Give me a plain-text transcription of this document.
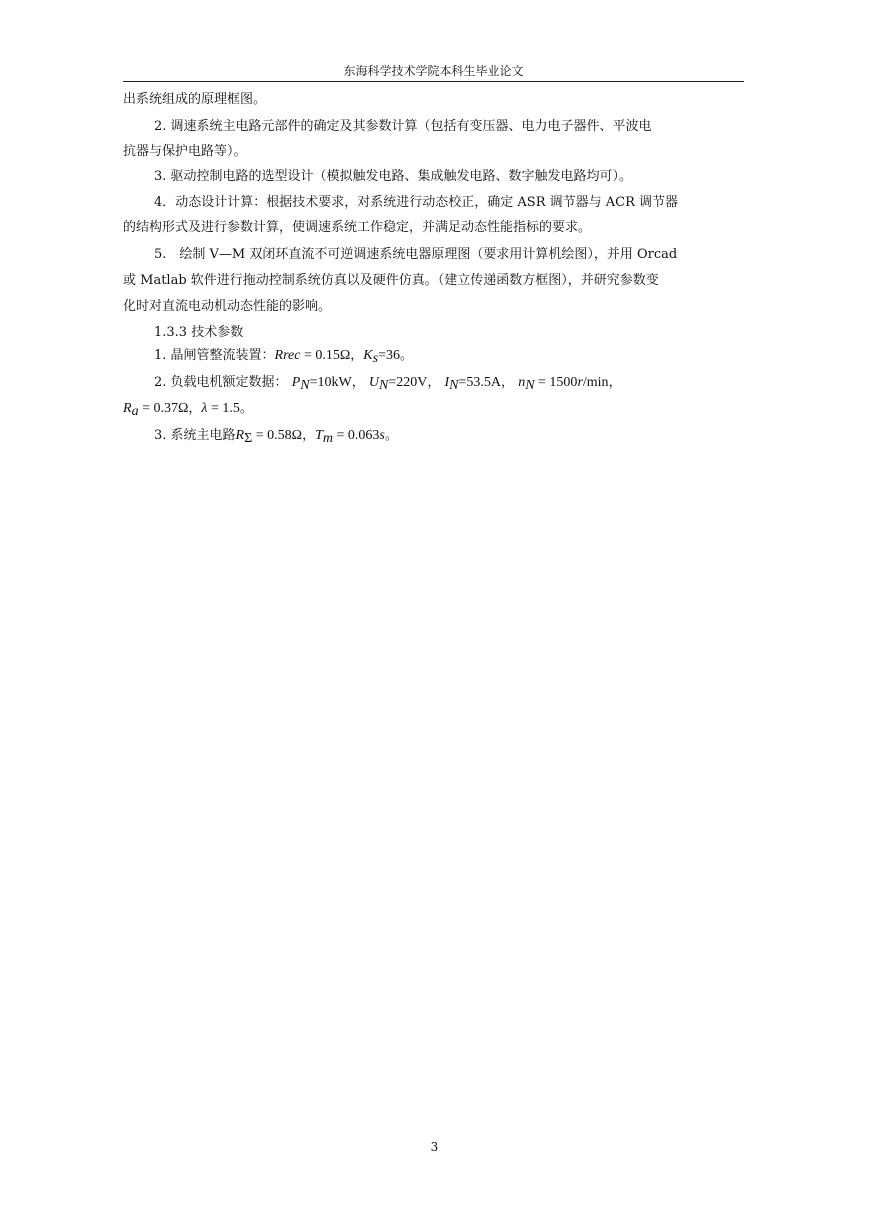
东海科学技术学院本科生毕业论文
出系统组成的原理框图。
2. 调速系统主电路元部件的确定及其参数计算（包括有变压器、电力电子器件、平波电
抗器与保护电路等）。
3. 驱动控制电路的选型设计（模拟触发电路、集成触发电路、数字触发电路均可）。
4．动态设计计算：根据技术要求，对系统进行动态校正，确定 ASR 调节器与 ACR 调节器
的结构形式及进行参数计算，使调速系统工作稳定，并满足动态性能指标的要求。
5.　绘制 V—M 双闭环直流不可逆调速系统电器原理图（要求用计算机绘图），并用 Orcad
或 Matlab 软件进行拖动控制系统仿真以及硬件仿真。（建立传递函数方框图），并研究参数变
化时对直流电动机动态性能的影响。
1.3.3 技术参数
1. 晶闸管整流装置：Rrec = 0.15Ω，$K_s=36$。
2. 负载电机额定数据： $P_N=10kW$， $U_N=220V$， $I_N=53.5A$， $n_N = 1500r/\min$，
$R_a = 0.37\Omega$，λ = 1.5。
3. 系统主电路$R_\Sigma = 0.58\Omega$，$T_m = 0.063s$。
3
